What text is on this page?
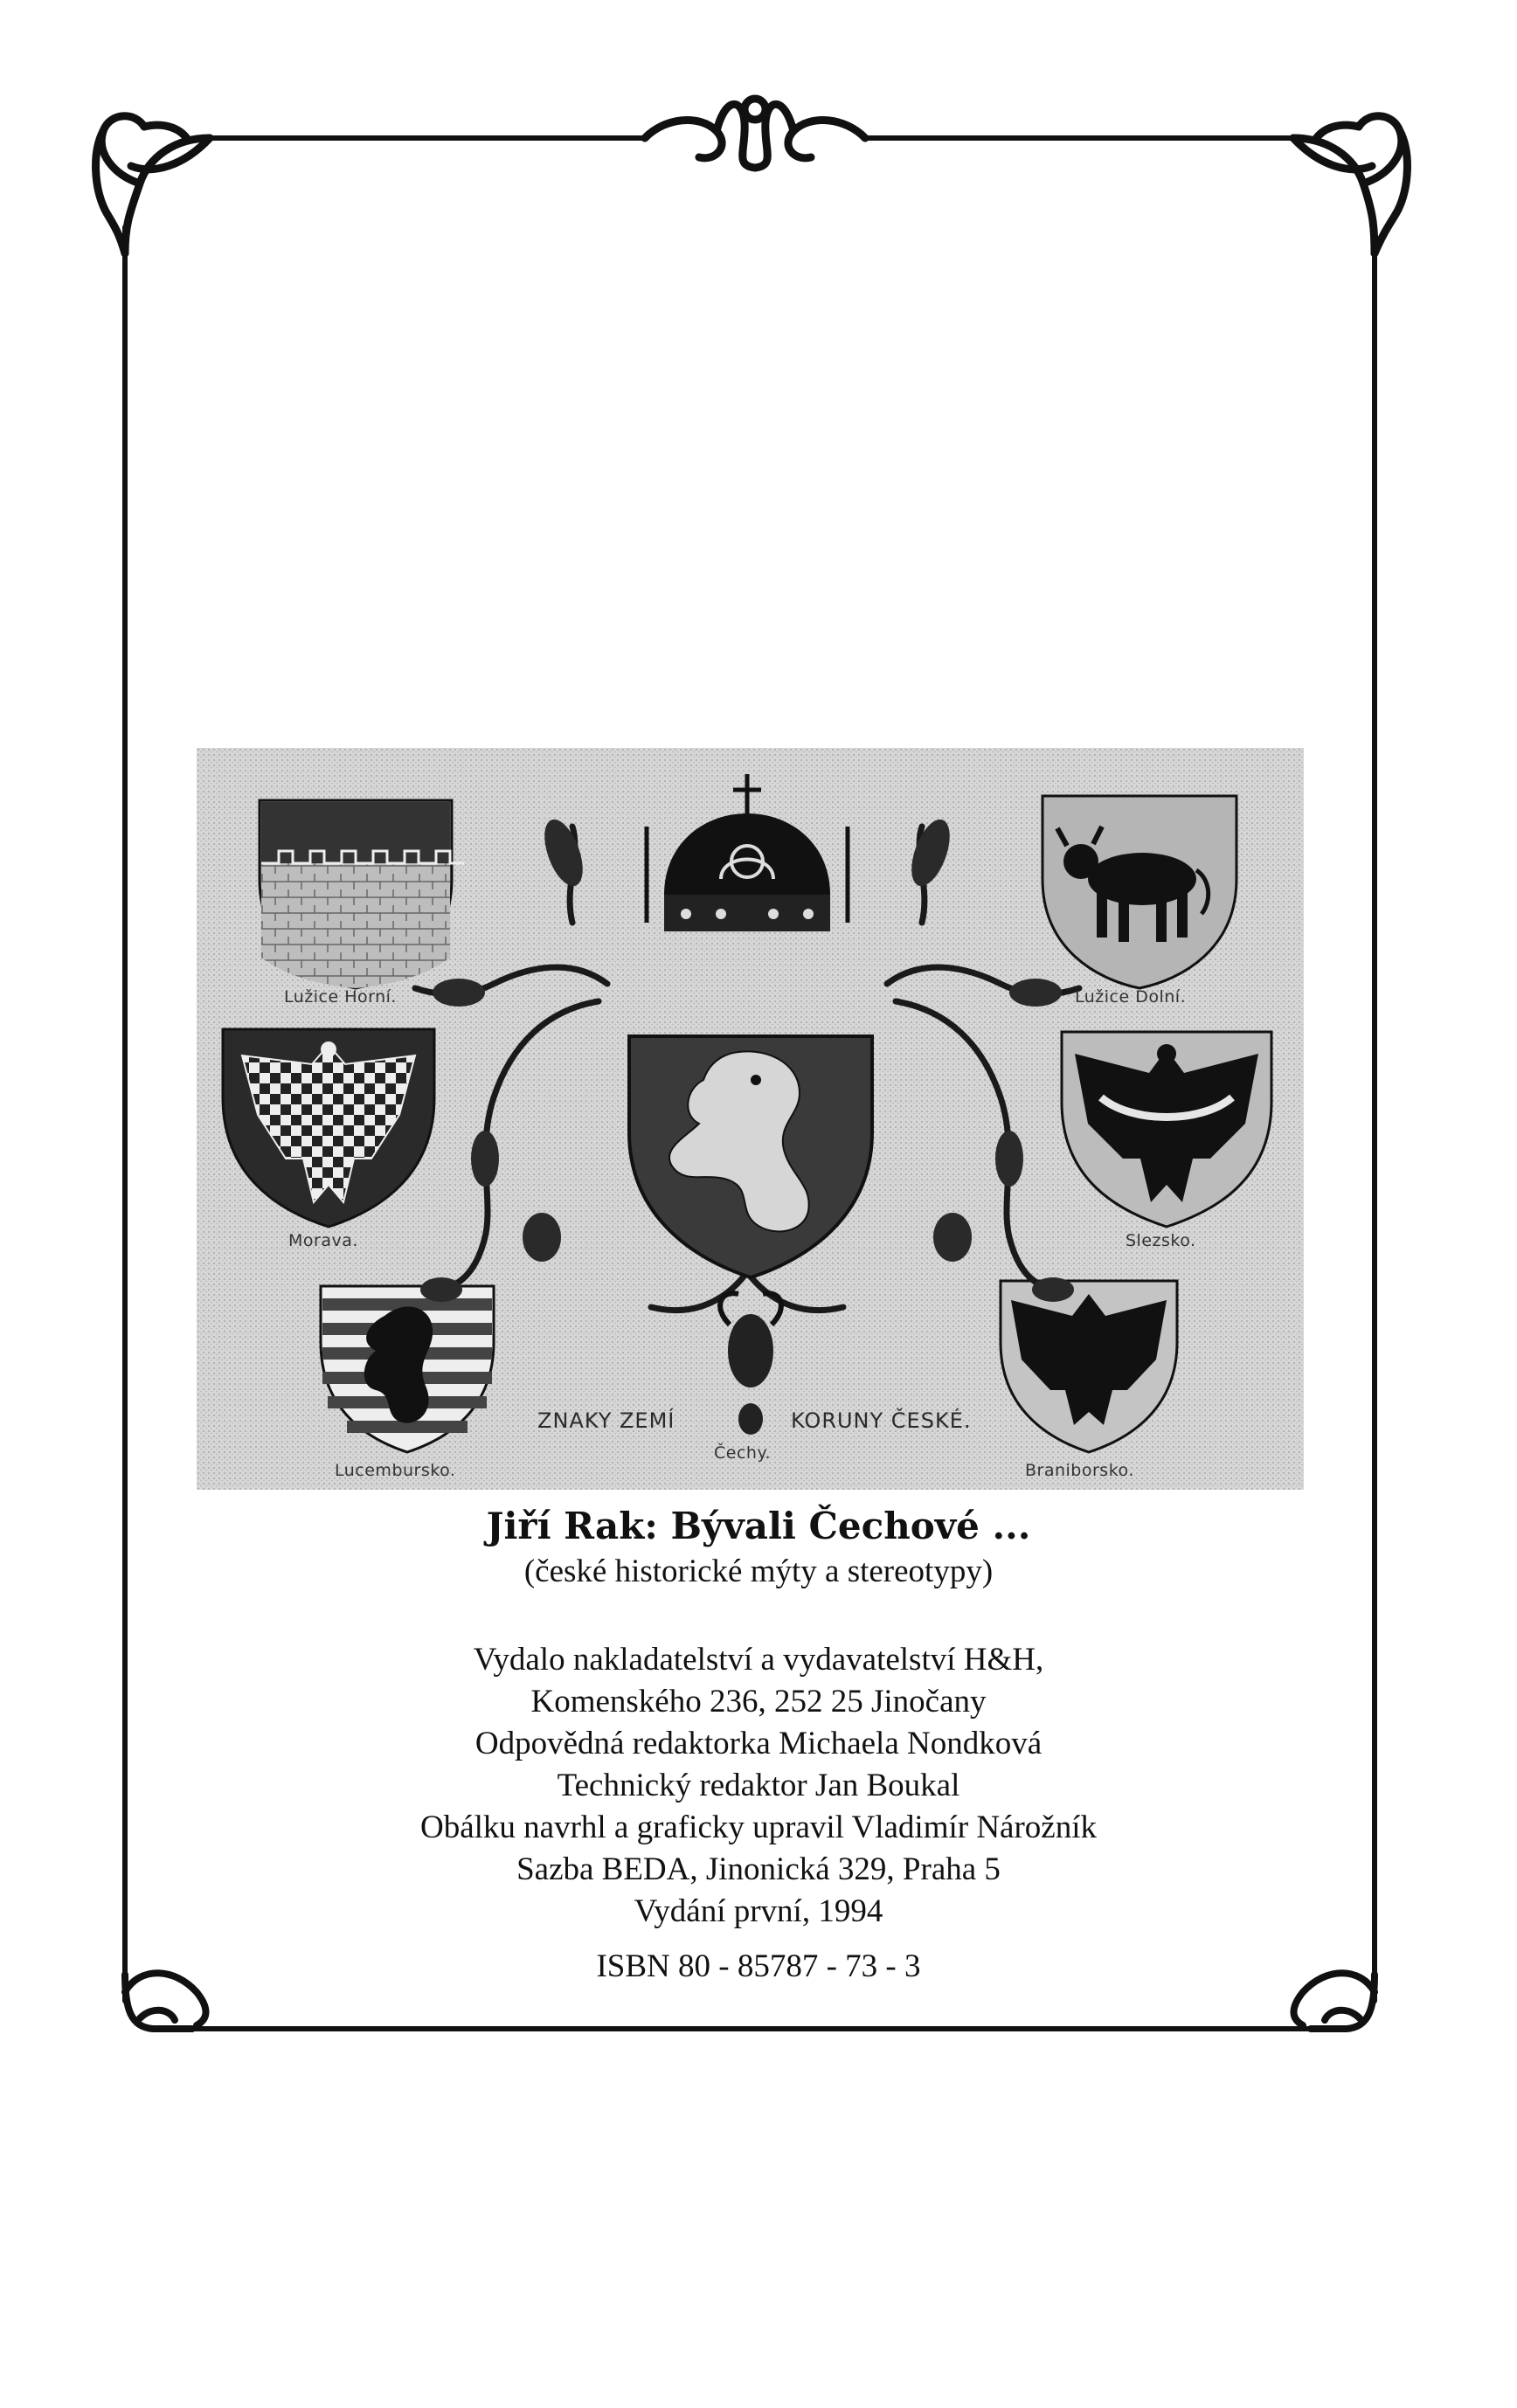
Lužice Horní.	Lužice Dolní.
Morava.	Slezsko.
Lucembursko.	Braniborsko.
Čechy.
ZNAKY ZEMÍ	KORUNY ČESKÉ.
Jiří Rak: Bývali Čechové ...
(české historické mýty a stereotypy)
Vydalo nakladatelství a vydavatelství H&H,
Komenského 236, 252 25 Jinočany
Odpovědná redaktorka Michaela Nondková
Technický redaktor Jan Boukal
Obálku navrhl a graficky upravil Vladimír Nárožník
Sazba BEDA, Jinonická 329, Praha 5
Vydání první, 1994
ISBN 80 - 85787 - 73 - 3
